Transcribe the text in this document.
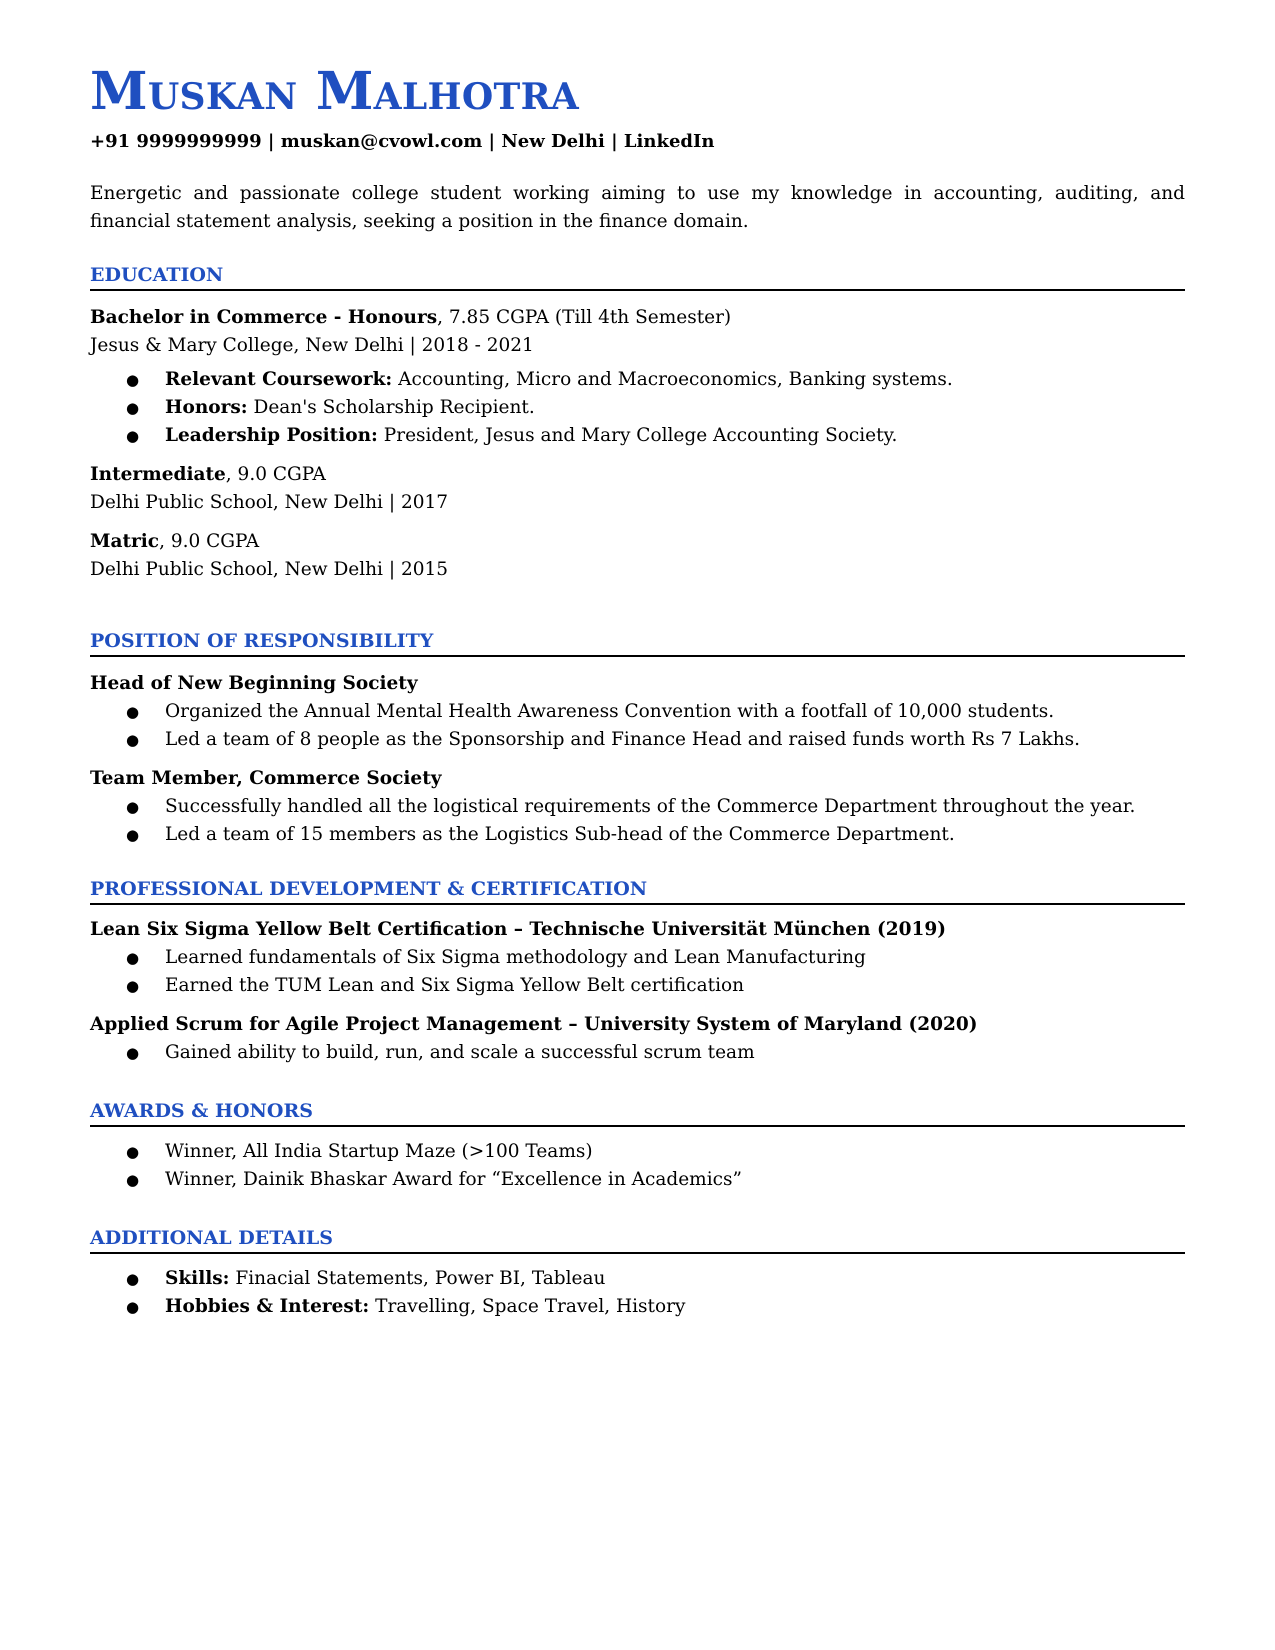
Muskan Malhotra
+91 9999999999 | muskan@cvowl.com | New Delhi | LinkedIn
Energetic and passionate college student working aiming to use my knowledge in accounting, auditing, and financial statement analysis, seeking a position in the finance domain.
EDUCATION
Bachelor in Commerce - Honours, 7.85 CGPA (Till 4th Semester)
Jesus & Mary College, New Delhi | 2018 - 2021
● Relevant Coursework: Accounting, Micro and Macroeconomics, Banking systems.
● Honors: Dean's Scholarship Recipient.
● Leadership Position: President, Jesus and Mary College Accounting Society.
Intermediate, 9.0 CGPA
Delhi Public School, New Delhi | 2017
Matric, 9.0 CGPA
Delhi Public School, New Delhi | 2015
POSITION OF RESPONSIBILITY
Head of New Beginning Society
● Organized the Annual Mental Health Awareness Convention with a footfall of 10,000 students.
● Led a team of 8 people as the Sponsorship and Finance Head and raised funds worth Rs 7 Lakhs.
Team Member, Commerce Society
● Successfully handled all the logistical requirements of the Commerce Department throughout the year.
● Led a team of 15 members as the Logistics Sub-head of the Commerce Department.
PROFESSIONAL DEVELOPMENT & CERTIFICATION
Lean Six Sigma Yellow Belt Certification – Technische Universität München (2019)
● Learned fundamentals of Six Sigma methodology and Lean Manufacturing
● Earned the TUM Lean and Six Sigma Yellow Belt certification
Applied Scrum for Agile Project Management – University System of Maryland (2020)
● Gained ability to build, run, and scale a successful scrum team
AWARDS & HONORS
● Winner, All India Startup Maze (>100 Teams)
● Winner, Dainik Bhaskar Award for “Excellence in Academics”
ADDITIONAL DETAILS
● Skills: Finacial Statements, Power BI, Tableau
● Hobbies & Interest: Travelling, Space Travel, History
